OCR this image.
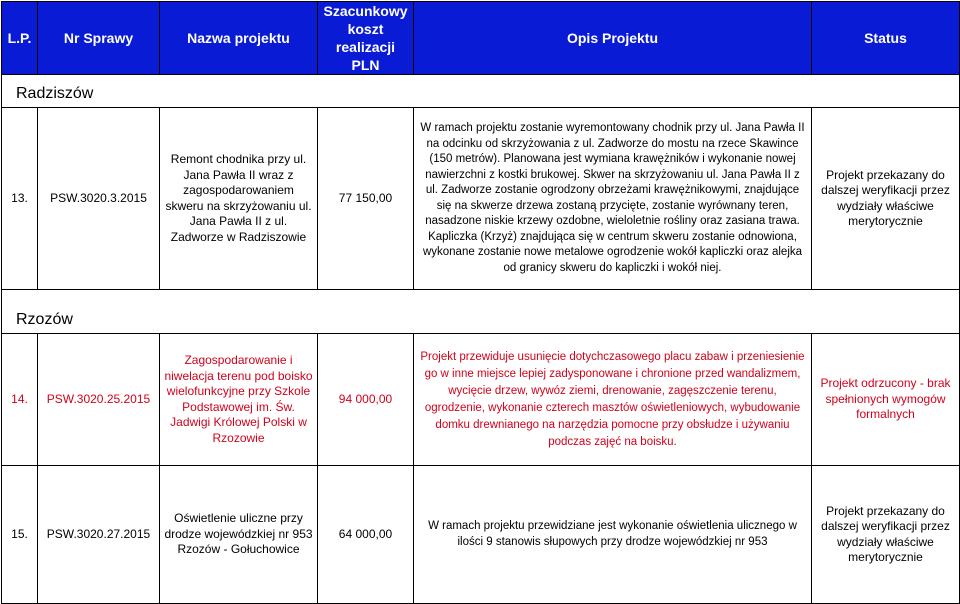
L.P.	Nr Sprawy	Nazwa projektu	Szacunkowy koszt realizacji PLN	Opis Projektu	Status
Radziszów					
13.	PSW.3020.3.2015	Remont chodnika przy ul. Jana Pawła II wraz z zagospodarowaniem skweru na skrzyżowaniu ul. Jana Pawła II z ul. Zadworze w Radziszowie	77 150,00	W ramach projektu zostanie wyremontowany chodnik przy ul. Jana Pawła II na odcinku od skrzyżowania z ul. Zadworze do mostu na rzece Skawince (150 metrów). Planowana jest wymiana krawężników i wykonanie nowej nawierzchni z kostki brukowej. Skwer na skrzyżowaniu ul. Jana Pawła II z ul. Zadworze zostanie ogrodzony obrzeżami krawężnikowymi, znajdujące się na skwerze drzewa zostaną przycięte, zostanie wyrównany teren, nasadzone niskie krzewy ozdobne, wieloletnie rośliny oraz zasiana trawa. Kapliczka (Krzyż) znajdująca się w centrum skweru zostanie odnowiona, wykonane zostanie nowe metalowe ogrodzenie wokół kapliczki oraz alejka od granicy skweru do kapliczki i wokół niej.	Projekt przekazany do dalszej weryfikacji przez wydziały właściwe merytorycznie
Rzozów					
14.	PSW.3020.25.2015	Zagospodarowanie i niwelacja terenu pod boisko wielofunkcyjne przy Szkole Podstawowej im. Św. Jadwigi Królowej Polski w Rzozowie	94 000,00	Projekt przewiduje usunięcie dotychczasowego placu zabaw i przeniesienie go w inne miejsce lepiej zadysponowane i chronione przed wandalizmem, wycięcie drzew, wywóz ziemi, drenowanie, zagęszczenie terenu, ogrodzenie, wykonanie czterech masztów oświetleniowych, wybudowanie domku drewnianego na narzędzia pomocne przy obsłudze i używaniu podczas zajęć na boisku.	Projekt odrzucony - brak spełnionych wymogów formalnych
15.	PSW.3020.27.2015	Oświetlenie uliczne przy drodze wojewódzkiej nr 953 Rzozów - Gołuchowice	64 000,00	W ramach projektu przewidziane jest wykonanie oświetlenia ulicznego w ilości 9 stanowis słupowych przy drodze wojewódzkiej nr 953	Projekt przekazany do dalszej weryfikacji przez wydziały właściwe merytorycznie
